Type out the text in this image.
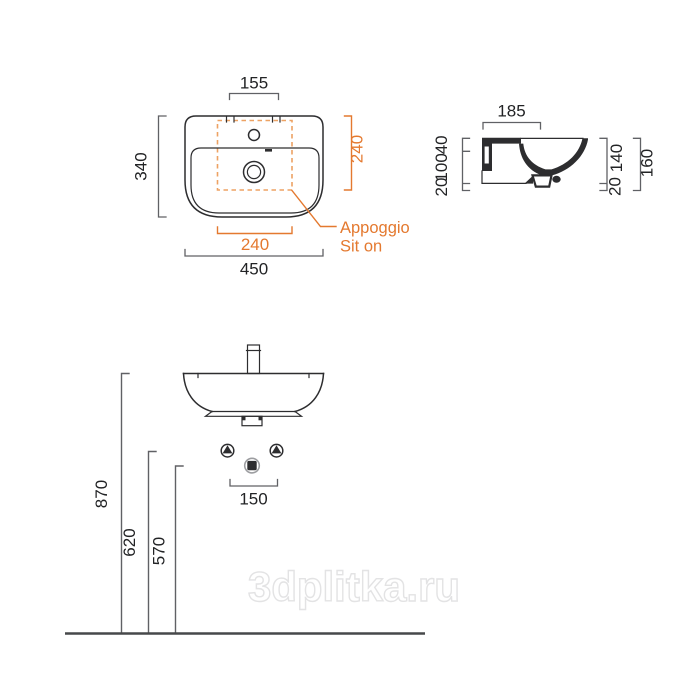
155
340
240
240
450
Appoggio
Sit on
185
40
100
20
140
20
160
3dplitka.ru
150
870
620 570
